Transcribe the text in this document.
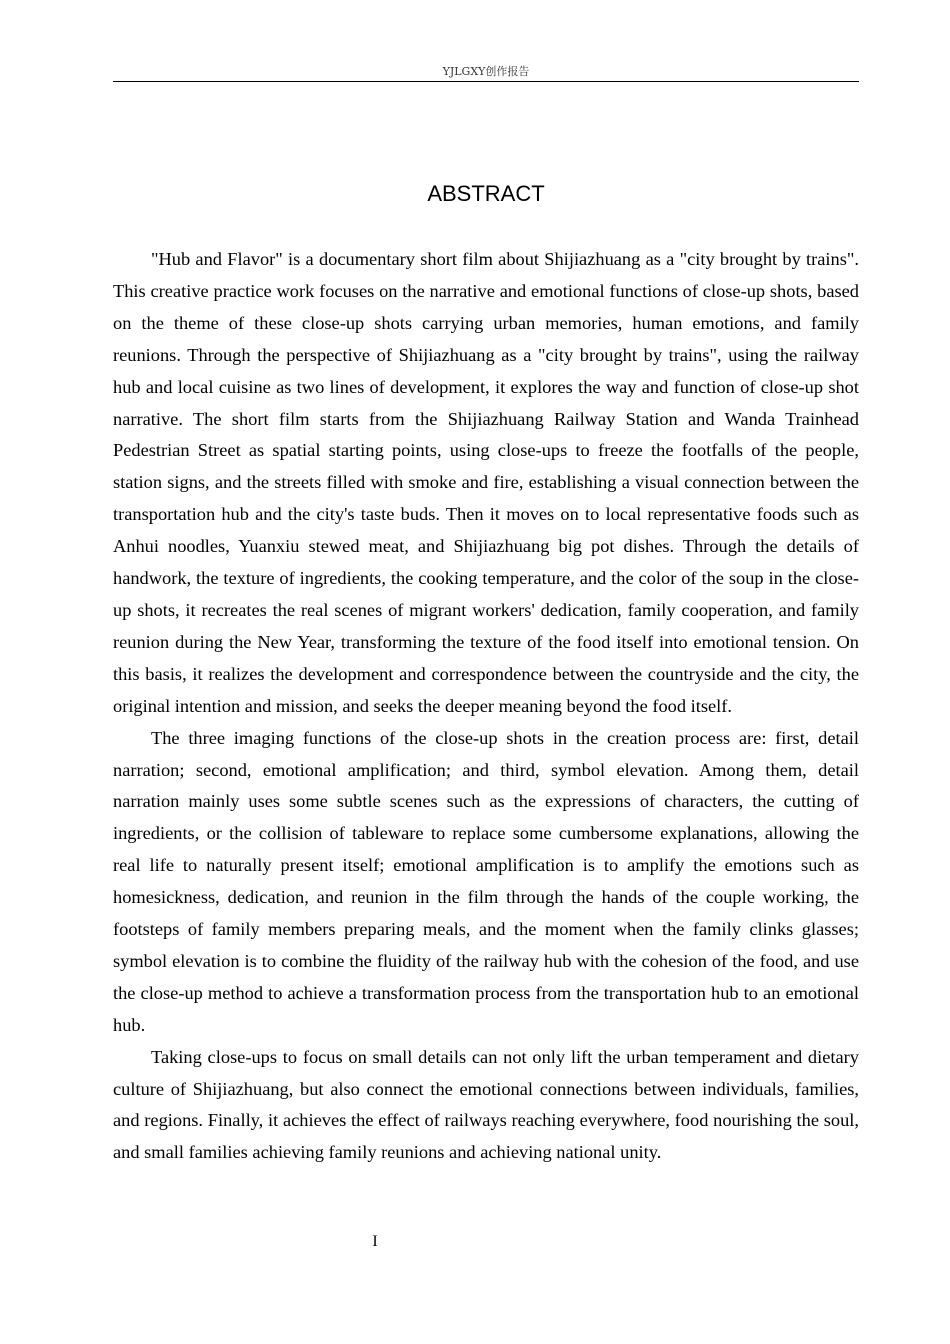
YJLGXY创作报告
ABSTRACT

"Hub and Flavor" is a documentary short film about Shijiazhuang as a "city brought by trains". This creative practice work focuses on the narrative and emotional functions of close-up shots, based on the theme of these close-up shots carrying urban memories, human emotions, and family reunions. Through the perspective of Shijiazhuang as a "city brought by trains", using the railway hub and local cuisine as two lines of development, it explores the way and function of close-up shot narrative. The short film starts from the Shijiazhuang Railway Station and Wanda Trainhead Pedestrian Street as spatial starting points, using close-ups to freeze the footfalls of the people, station signs, and the streets filled with smoke and fire, establishing a visual connection between the transportation hub and the city's taste buds. Then it moves on to local representative foods such as Anhui noodles, Yuanxiu stewed meat, and Shijiazhuang big pot dishes. Through the details of handwork, the texture of ingredients, the cooking temperature, and the color of the soup in the close-up shots, it recreates the real scenes of migrant workers' dedication, family cooperation, and family reunion during the New Year, transforming the texture of the food itself into emotional tension. On this basis, it realizes the development and correspondence between the countryside and the city, the original intention and mission, and seeks the deeper meaning beyond the food itself.

The three imaging functions of the close-up shots in the creation process are: first, detail narration; second, emotional amplification; and third, symbol elevation. Among them, detail narration mainly uses some subtle scenes such as the expressions of characters, the cutting of ingredients, or the collision of tableware to replace some cumbersome explanations, allowing the real life to naturally present itself; emotional amplification is to amplify the emotions such as homesickness, dedication, and reunion in the film through the hands of the couple working, the footsteps of family members preparing meals, and the moment when the family clinks glasses; symbol elevation is to combine the fluidity of the railway hub with the cohesion of the food, and use the close-up method to achieve a transformation process from the transportation hub to an emotional hub.

Taking close-ups to focus on small details can not only lift the urban temperament and dietary culture of Shijiazhuang, but also connect the emotional connections between individuals, families, and regions. Finally, it achieves the effect of railways reaching everywhere, food nourishing the soul, and small families achieving family reunions and achieving national unity.

I
